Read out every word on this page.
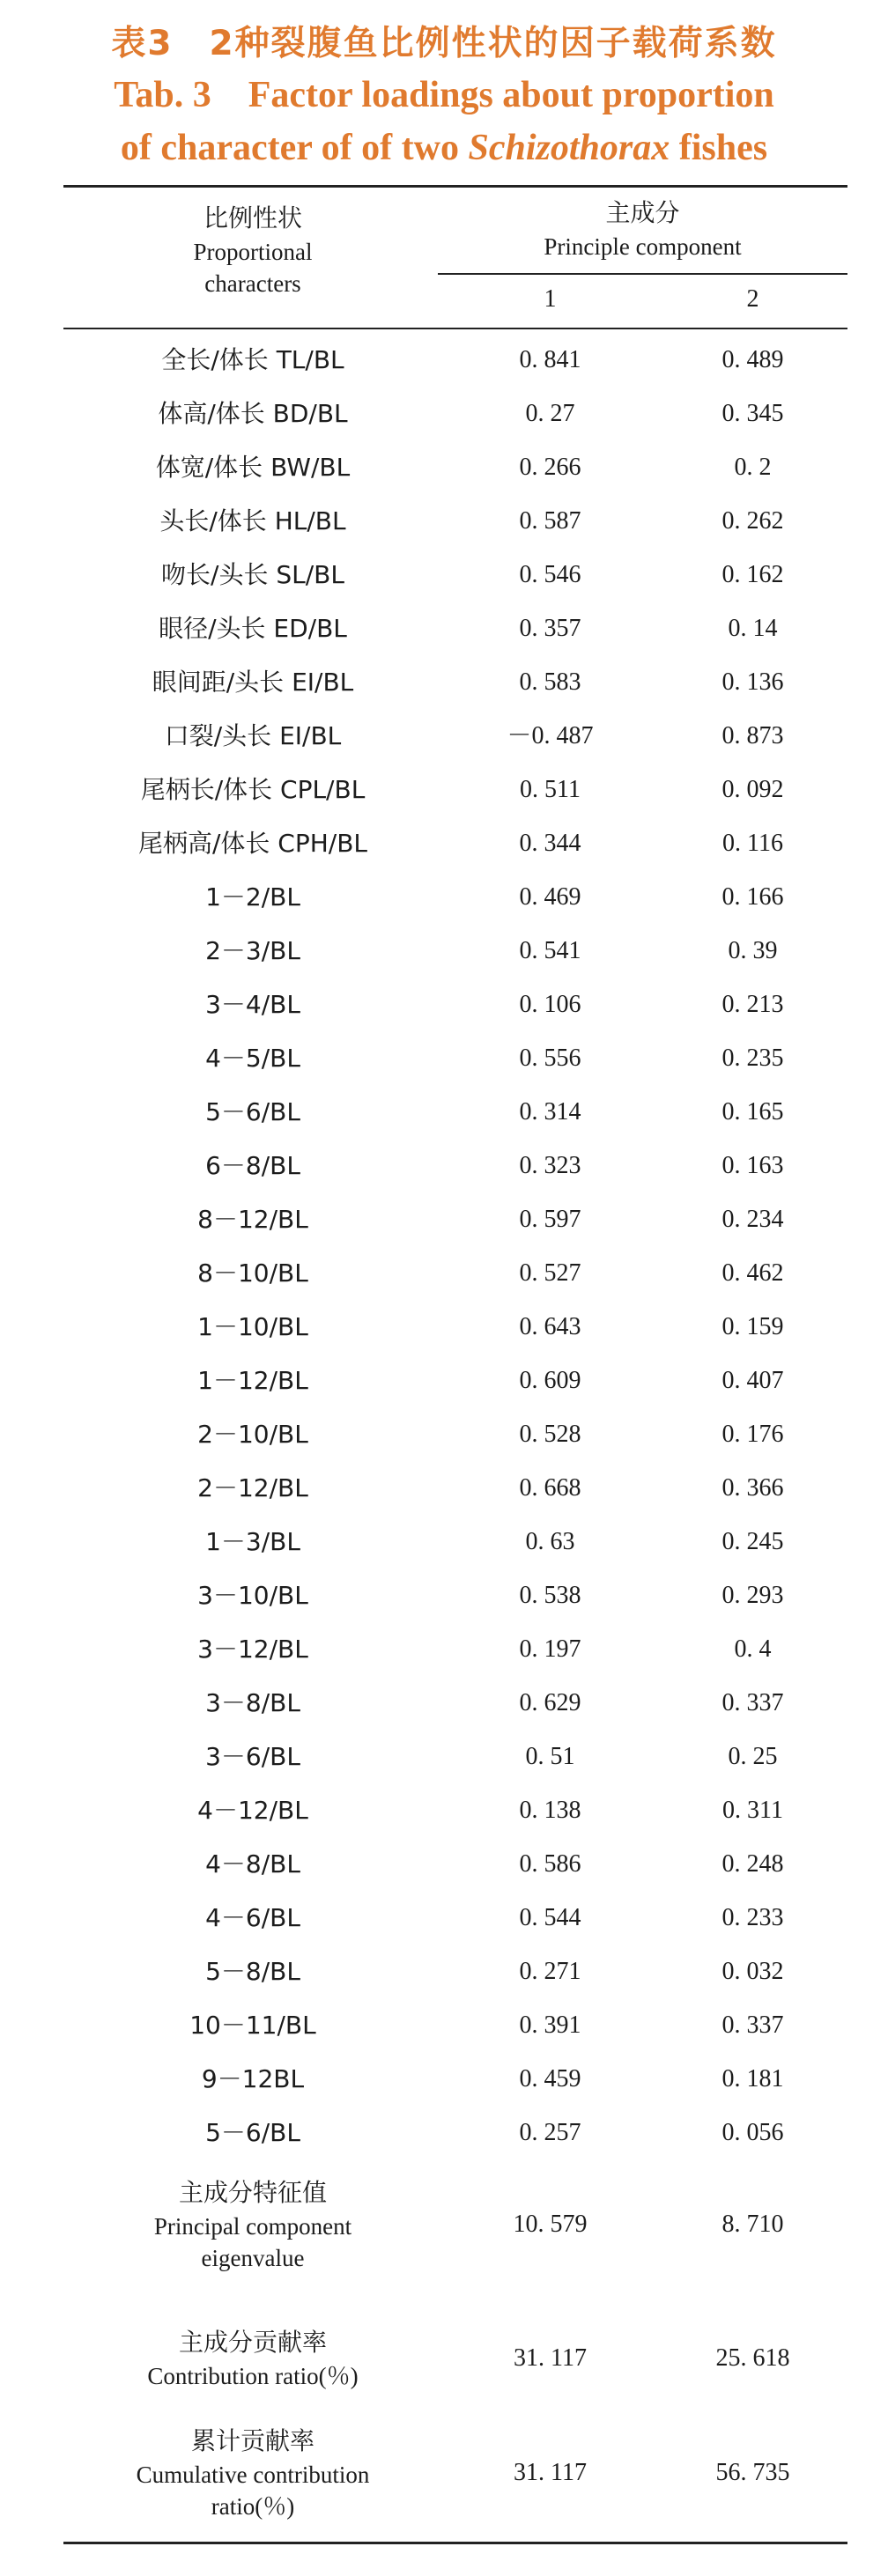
表3　2种裂腹鱼比例性状的因子载荷系数
Tab. 3　Factor loadings about proportion
of character of of two Schizothorax fishes
比例性状
Proportional
characters
主成分
Principle component
1	2
全长/体长 TL/BL	0. 841	0. 489
体高/体长 BD/BL	0. 27	0. 345
体宽/体长 BW/BL	0. 266	0. 2
头长/体长 HL/BL	0. 587	0. 262
吻长/头长 SL/BL	0. 546	0. 162
眼径/头长 ED/BL	0. 357	0. 14
眼间距/头长 EI/BL	0. 583	0. 136
口裂/头长 EI/BL	－0. 487	0. 873
尾柄长/体长 CPL/BL	0. 511	0. 092
尾柄高/体长 CPH/BL	0. 344	0. 116
1－2/BL	0. 469	0. 166
2－3/BL	0. 541	0. 39
3－4/BL	0. 106	0. 213
4－5/BL	0. 556	0. 235
5－6/BL	0. 314	0. 165
6－8/BL	0. 323	0. 163
8－12/BL	0. 597	0. 234
8－10/BL	0. 527	0. 462
1－10/BL	0. 643	0. 159
1－12/BL	0. 609	0. 407
2－10/BL	0. 528	0. 176
2－12/BL	0. 668	0. 366
1－3/BL	0. 63	0. 245
3－10/BL	0. 538	0. 293
3－12/BL	0. 197	0. 4
3－8/BL	0. 629	0. 337
3－6/BL	0. 51	0. 25
4－12/BL	0. 138	0. 311
4－8/BL	0. 586	0. 248
4－6/BL	0. 544	0. 233
5－8/BL	0. 271	0. 032
10－11/BL	0. 391	0. 337
9－12BL	0. 459	0. 181
5－6/BL	0. 257	0. 056
主成分特征值
Principal component
eigenvalue
10. 579	8. 710
主成分贡献率
Contribution ratio(％)
31. 117	25. 618
累计贡献率
Cumulative contribution
ratio(％)
31. 117	56. 735
